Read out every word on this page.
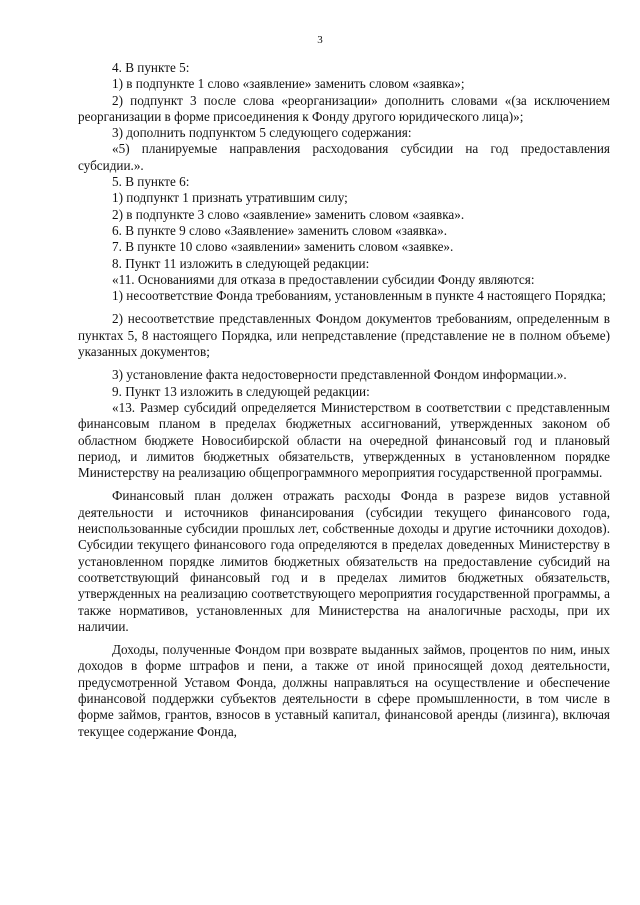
3

4. В пункте 5:

1) в подпункте 1 слово «заявление» заменить словом «заявка»;

2) подпункт 3 после слова «реорганизации» дополнить словами «(за исключением реорганизации в форме присоединения к Фонду другого юридического лица)»;

3) дополнить подпунктом 5 следующего содержания:

«5) планируемые направления расходования субсидии на год предоставления субсидии.».

5. В пункте 6:

1) подпункт 1 признать утратившим силу;

2) в подпункте 3 слово «заявление» заменить словом «заявка».

6. В пункте 9 слово «Заявление» заменить словом «заявка».

7. В пункте 10 слово «заявлении» заменить словом «заявке».

8. Пункт 11 изложить в следующей редакции:

«11. Основаниями для отказа в предоставлении субсидии Фонду являются:

1) несоответствие Фонда требованиям, установленным в пункте 4 настоящего Порядка;

2) несоответствие представленных Фондом документов требованиям, определенным в пунктах 5, 8 настоящего Порядка, или непредставление (представление не в полном объеме) указанных документов;

3) установление факта недостоверности представленной Фондом информации.».

9. Пункт 13 изложить в следующей редакции:

«13. Размер субсидий определяется Министерством в соответствии с представленным финансовым планом в пределах бюджетных ассигнований, утвержденных законом об областном бюджете Новосибирской области на очередной финансовый год и плановый период, и лимитов бюджетных обязательств, утвержденных в установленном порядке Министерству на реализацию общепрограммного мероприятия государственной программы.

Финансовый план должен отражать расходы Фонда в разрезе видов уставной деятельности и источников финансирования (субсидии текущего финансового года, неиспользованные субсидии прошлых лет, собственные доходы и другие источники доходов). Субсидии текущего финансового года определяются в пределах доведенных Министерству в установленном порядке лимитов бюджетных обязательств на предоставление субсидий на соответствующий финансовый год и в пределах лимитов бюджетных обязательств, утвержденных на реализацию соответствующего мероприятия государственной программы, а также нормативов, установленных для Министерства на аналогичные расходы, при их наличии.

Доходы, полученные Фондом при возврате выданных займов, процентов по ним, иных доходов в форме штрафов и пени, а также от иной приносящей доход деятельности, предусмотренной Уставом Фонда, должны направляться на осуществление и обеспечение финансовой поддержки субъектов деятельности в сфере промышленности, в том числе в форме займов, грантов, взносов в уставный капитал, финансовой аренды (лизинга), включая текущее содержание Фонда,
